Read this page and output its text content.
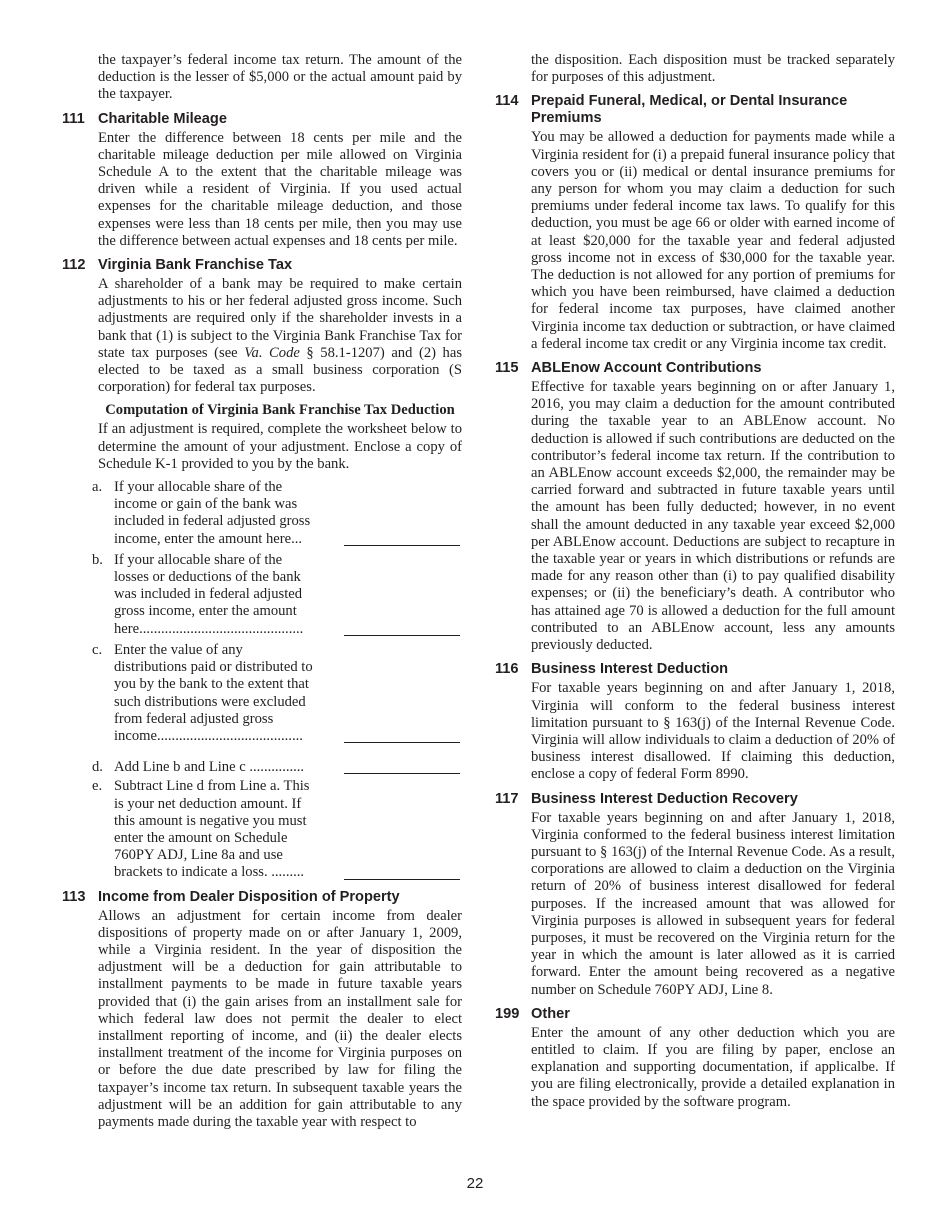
the taxpayer’s federal income tax return. The amount of the deduction is the lesser of $5,000 or the actual amount paid by the taxpayer.

111 Charitable Mileage

Enter the difference between 18 cents per mile and the charitable mileage deduction per mile allowed on Virginia Schedule A to the extent that the charitable mileage was driven while a resident of Virginia. If you used actual expenses for the charitable mileage deduction, and those expenses were less than 18 cents per mile, then you may use the difference between actual expenses and 18 cents per mile.

112 Virginia Bank Franchise Tax

A shareholder of a bank may be required to make certain adjustments to his or her federal adjusted gross income. Such adjustments are required only if the shareholder invests in a bank that (1) is subject to the Virginia Bank Franchise Tax for state tax purposes (see Va. Code § 58.1-1207) and (2) has elected to be taxed as a small business corporation (S corporation) for federal tax purposes.

Computation of Virginia Bank Franchise Tax Deduction

If an adjustment is required, complete the worksheet below to determine the amount of your adjustment. Enclose a copy of Schedule K-1 provided to you by the bank.

a. If your allocable share of the
income or gain of the bank was
included in federal adjusted gross
income, enter the amount here...
b. If your allocable share of the
losses or deductions of the bank
was included in federal adjusted
gross income, enter the amount
here.............................................
c. Enter the value of any
distributions paid or distributed to
you by the bank to the extent that
such distributions were excluded
from federal adjusted gross
income........................................
d. Add Line b and Line c ...............
e. Subtract Line d from Line a. This
is your net deduction amount. If
this amount is negative you must
enter the amount on Schedule
760PY ADJ, Line 8a and use
brackets to indicate a loss. .........
113 Income from Dealer Disposition of Property

Allows an adjustment for certain income from dealer dispositions of property made on or after January 1, 2009, while a Virginia resident. In the year of disposition the adjustment will be a deduction for gain attributable to installment payments to be made in future taxable years provided that (i) the gain arises from an installment sale for which federal law does not permit the dealer to elect installment reporting of income, and (ii) the dealer elects installment treatment of the income for Virginia purposes on or before the due date prescribed by law for filing the taxpayer’s income tax return. In subsequent taxable years the adjustment will be an addition for gain attributable to any payments made during the taxable year with respect to

the disposition. Each disposition must be tracked separately for purposes of this adjustment.

114 Prepaid Funeral, Medical, or Dental Insurance Premiums

You may be allowed a deduction for payments made while a Virginia resident for (i) a prepaid funeral insurance policy that covers you or (ii) medical or dental insurance premiums for any person for whom you may claim a deduction for such premiums under federal income tax laws. To qualify for this deduction, you must be age 66 or older with earned income of at least $20,000 for the taxable year and federal adjusted gross income not in excess of $30,000 for the taxable year. The deduction is not allowed for any portion of premiums for which you have been reimbursed, have claimed a deduction for federal income tax purposes, have claimed another Virginia income tax deduction or subtraction, or have claimed a federal income tax credit or any Virginia income tax credit.

115 ABLEnow Account Contributions

Effective for taxable years beginning on or after January 1, 2016, you may claim a deduction for the amount contributed during the taxable year to an ABLEnow account. No deduction is allowed if such contributions are deducted on the contributor’s federal income tax return. If the contribution to an ABLEnow account exceeds $2,000, the remainder may be carried forward and subtracted in future taxable years until the amount has been fully deducted; however, in no event shall the amount deducted in any taxable year exceed $2,000 per ABLEnow account. Deductions are subject to recapture in the taxable year or years in which distributions or refunds are made for any reason other than (i) to pay qualified disability expenses; or (ii) the beneficiary’s death. A contributor who has attained age 70 is allowed a deduction for the full amount contributed to an ABLEnow account, less any amounts previously deducted.

116 Business Interest Deduction

For taxable years beginning on and after January 1, 2018, Virginia will conform to the federal business interest limitation pursuant to § 163(j) of the Internal Revenue Code. Virginia will allow individuals to claim a deduction of 20% of business interest disallowed. If claiming this deduction, enclose a copy of federal Form 8990.

117 Business Interest Deduction Recovery

For taxable years beginning on and after January 1, 2018, Virginia conformed to the federal business interest limitation pursuant to § 163(j) of the Internal Revenue Code. As a result, corporations are allowed to claim a deduction on the Virginia return of 20% of business interest disallowed for federal purposes. If the increased amount that was allowed for Virginia purposes is allowed in subsequent years for federal purposes, it must be recovered on the Virginia return for the year in which the amount is later allowed as it is carried forward. Enter the amount being recovered as a negative number on Schedule 760PY ADJ, Line 8.

199 Other

Enter the amount of any other deduction which you are entitled to claim. If you are filing by paper, enclose an explanation and supporting documentation, if applicalbe. If you are filing electronically, provide a detailed explanation in the space provided by the software program.

22
